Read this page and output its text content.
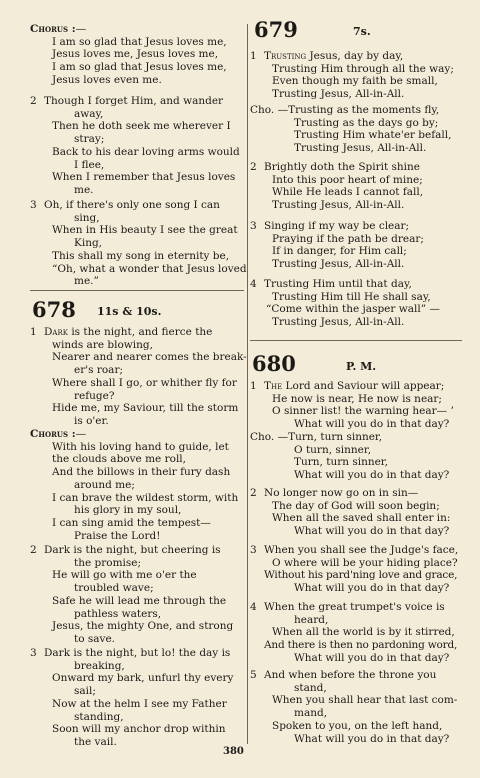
Chorus :—
I am so glad that Jesus loves me,
Jesus loves me, Jesus loves me,
I am so glad that Jesus loves me,
Jesus loves even me.
2 Though I forget Him, and wander
away,
Then he doth seek me wherever I
stray;
Back to his dear loving arms would
I flee,
When I remember that Jesus loves
me.
3 Oh, if there's only one song I can
sing,
When in His beauty I see the great
King,
This shall my song in eternity be,
“Oh, what a wonder that Jesus loved
me.”
678 11s & 10s.
1 Dark is the night, and fierce the
winds are blowing,
Nearer and nearer comes the break-
er's roar;
Where shall I go, or whither fly for
refuge?
Hide me, my Saviour, till the storm
is o'er.
Chorus :—
With his loving hand to guide, let
the clouds above me roll,
And the billows in their fury dash
around me;
I can brave the wildest storm, with
his glory in my soul,
I can sing amid the tempest—
Praise the Lord!
2 Dark is the night, but cheering is
the promise;
He will go with me o'er the
troubled wave;
Safe he will lead me through the
pathless waters,
Jesus, the mighty One, and strong
to save.
3 Dark is the night, but lo! the day is
breaking,
Onward my bark, unfurl thy every
sail;
Now at the helm I see my Father
standing,
Soon will my anchor drop within
the vail.
679	7s.
1 Trusting Jesus, day by day,
Trusting Him through all the way;
Even though my faith be small,
Trusting Jesus, All-in-All.
Cho. —Trusting as the moments fly,
Trusting as the days go by;
Trusting Him whate'er befall,
Trusting Jesus, All-in-All.
2 Brightly doth the Spirit shine
Into this poor heart of mine;
While He leads I cannot fall,
Trusting Jesus, All-in-All.
3 Singing if my way be clear;
Praying if the path be drear;
If in danger, for Him call;
Trusting Jesus, All-in-All.
4 Trusting Him until that day,
Trusting Him till He shall say,
“Come within the jasper wall” —
Trusting Jesus, All-in-All.
680	P. M.
1 The Lord and Saviour will appear;
He now is near, He now is near;
O sinner list! the warning hear— ’
What will you do in that day?
Cho. —Turn, turn sinner,
O turn, sinner,
Turn, turn sinner,
What will you do in that day?
2 No longer now go on in sin—
The day of God will soon begin;
When all the saved shall enter in:
What will you do in that day?
3 When you shall see the Judge's face,
O where will be your hiding place?
Without his pard'ning love and grace,
What will you do in that day?
4 When the great trumpet's voice is
heard,
When all the world is by it stirred,
And there is then no pardoning word,
What will you do in that day?
5 And when before the throne you
stand,
When you shall hear that last com-
mand,
Spoken to you, on the left hand,
What will you do in that day?
380
